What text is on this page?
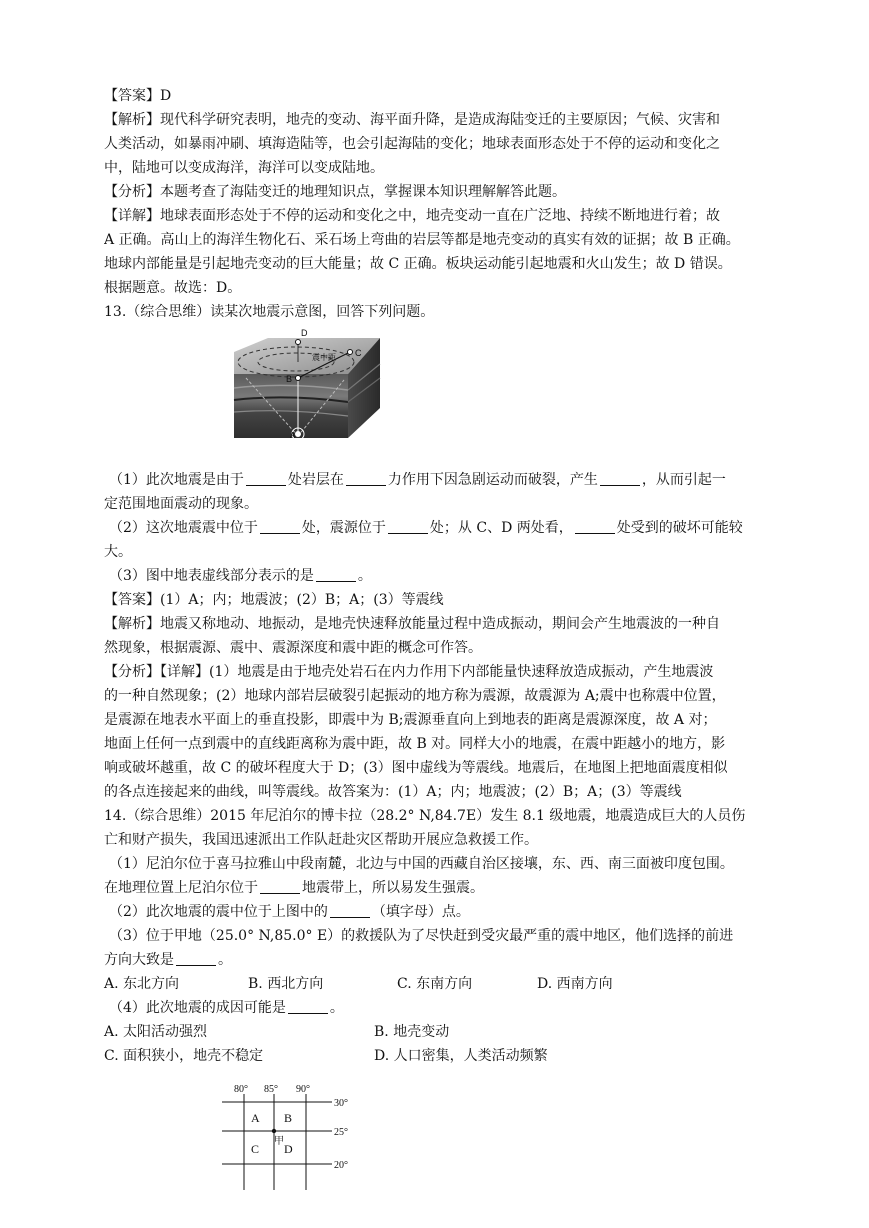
【答案】D
【解析】现代科学研究表明，地壳的变动、海平面升降，是造成海陆变迁的主要原因；气候、灾害和
人类活动，如暴雨冲刷、填海造陆等，也会引起海陆的变化；地球表面形态处于不停的运动和变化之
中，陆地可以变成海洋，海洋可以变成陆地。
【分析】本题考查了海陆变迁的地理知识点，掌握课本知识理解解答此题。
【详解】地球表面形态处于不停的运动和变化之中，地壳变动一直在广泛地、持续不断地进行着；故
A 正确。高山上的海洋生物化石、采石场上弯曲的岩层等都是地壳变动的真实有效的证据；故 B 正确。
地球内部能量是引起地壳变动的巨大能量；故 C 正确。板块运动能引起地震和火山发生；故 D 错误。
根据题意。故选：D。
13.（综合思维）读某次地震示意图，回答下列问题。
D
C
B
A
震中距
（1）此次地震是由于	处岩层在	力作用下因急剧运动而破裂，产生	，从而引起一
定范围地面震动的现象。
（2）这次地震震中位于	处，震源位于	处；从 C、D 两处看，	处受到的破坏可能较
大。
（3）图中地表虚线部分表示的是	。
【答案】(1）A；内；地震波；(2）B；A；(3）等震线
【解析】地震又称地动、地振动，是地壳快速释放能量过程中造成振动，期间会产生地震波的一种自
然现象，根据震源、震中、震源深度和震中距的概念可作答。
【分析】【详解】(1）地震是由于地壳处岩石在内力作用下内部能量快速释放造成振动，产生地震波
的一种自然现象；(2）地球内部岩层破裂引起振动的地方称为震源，故震源为 A;震中也称震中位置，
是震源在地表水平面上的垂直投影，即震中为 B;震源垂直向上到地表的距离是震源深度，故 A 对；
地面上任何一点到震中的直线距离称为震中距，故 B 对。同样大小的地震，在震中距越小的地方，影
响或破坏越重，故 C 的破坏程度大于 D；(3）图中虚线为等震线。地震后，在地图上把地面震度相似
的各点连接起来的曲线，叫等震线。故答案为：(1）A；内；地震波；(2）B；A；(3）等震线
14.（综合思维）2015 年尼泊尔的博卡拉（28.2° N,84.7E）发生 8.1 级地震，地震造成巨大的人员伤
亡和财产损失，我国迅速派出工作队赶赴灾区帮助开展应急救援工作。
（1）尼泊尔位于喜马拉雅山中段南麓，北边与中国的西藏自治区接壤，东、西、南三面被印度包围。
在地理位置上尼泊尔位于	地震带上，所以易发生强震。
（2）此次地震的震中位于上图中的	（填字母）点。
（3）位于甲地（25.0° N,85.0° E）的救援队为了尽快赶到受灾最严重的震中地区，他们选择的前进
方向大致是	。
A. 东北方向	B. 西北方向	C. 东南方向	D. 西南方向
（4）此次地震的成因可能是	。
A. 太阳活动强烈	B. 地壳变动
C. 面积狭小，地壳不稳定	D. 人口密集，人类活动频繁
80° 85° 90°
30°
25°
20°
A B
C D
甲
